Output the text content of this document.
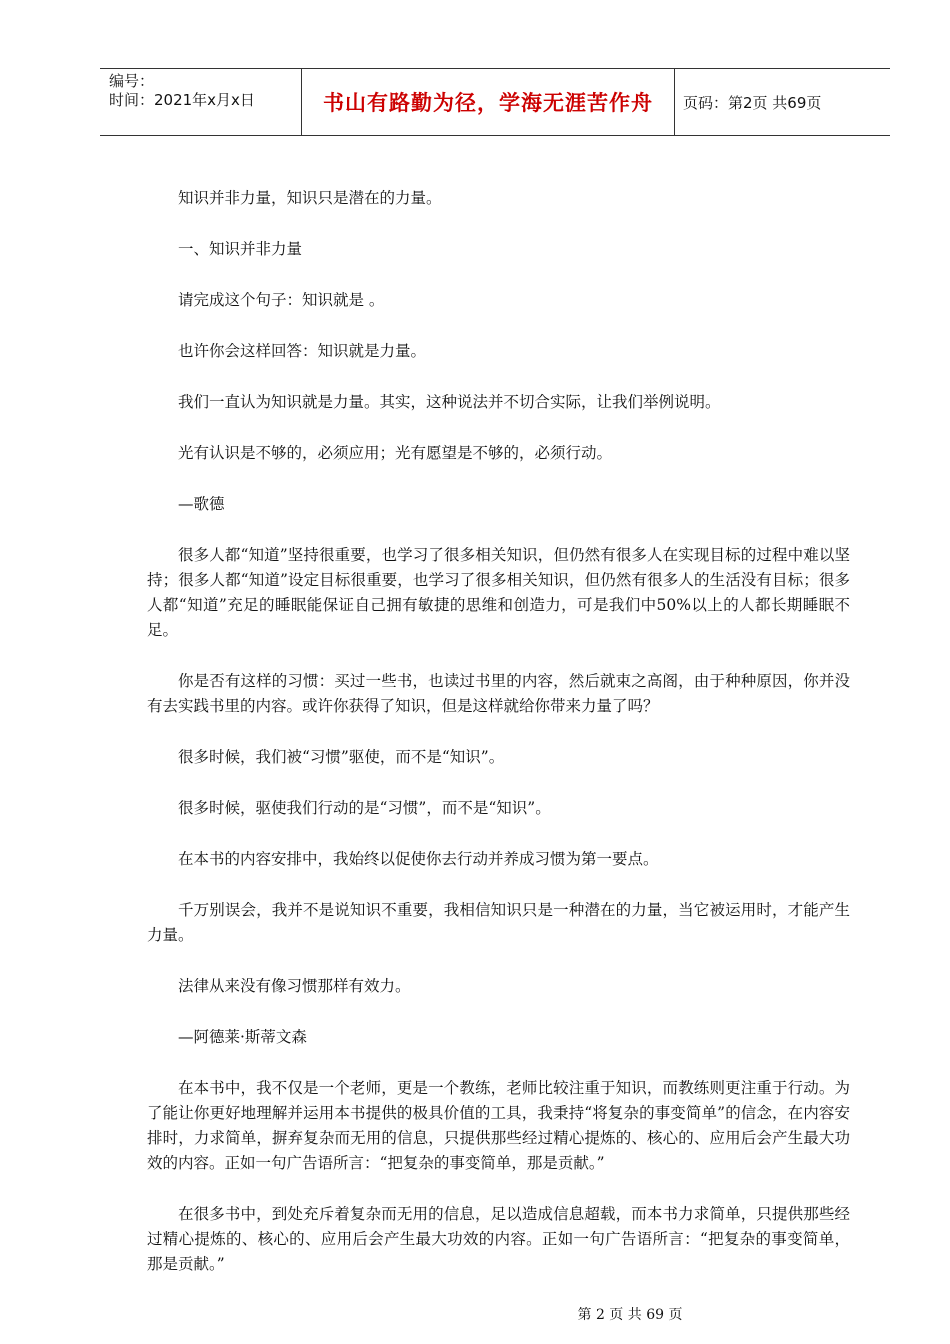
编号：
时间：2021年x月x日	书山有路勤为径，学海无涯苦作舟	页码：第2页 共69页

知识并非力量，知识只是潜在的力量。

一、知识并非力量

请完成这个句子：知识就是 。

也许你会这样回答：知识就是力量。

我们一直认为知识就是力量。其实，这种说法并不切合实际，让我们举例说明。

光有认识是不够的，必须应用；光有愿望是不够的，必须行动。

—歌德

很多人都“知道”坚持很重要，也学习了很多相关知识，但仍然有很多人在实现目标的过程中难以坚持；很多人都“知道”设定目标很重要，也学习了很多相关知识，但仍然有很多人的生活没有目标；很多人都“知道”充足的睡眠能保证自己拥有敏捷的思维和创造力，可是我们中50%以上的人都长期睡眠不足。

你是否有这样的习惯：买过一些书，也读过书里的内容，然后就束之高阁，由于种种原因，你并没有去实践书里的内容。或许你获得了知识，但是这样就给你带来力量了吗？

很多时候，我们被“习惯”驱使，而不是“知识”。

很多时候，驱使我们行动的是“习惯”，而不是“知识”。

在本书的内容安排中，我始终以促使你去行动并养成习惯为第一要点。

千万别误会，我并不是说知识不重要，我相信知识只是一种潜在的力量，当它被运用时，才能产生力量。

法律从来没有像习惯那样有效力。

—阿德莱·斯蒂文森

在本书中，我不仅是一个老师，更是一个教练，老师比较注重于知识，而教练则更注重于行动。为了能让你更好地理解并运用本书提供的极具价值的工具，我秉持“将复杂的事变简单”的信念，在内容安排时，力求简单，摒弃复杂而无用的信息，只提供那些经过精心提炼的、核心的、应用后会产生最大功效的内容。正如一句广告语所言：“把复杂的事变简单，那是贡献。”

在很多书中，到处充斥着复杂而无用的信息，足以造成信息超载，而本书力求简单，只提供那些经过精心提炼的、核心的、应用后会产生最大功效的内容。正如一句广告语所言：“把复杂的事变简单，那是贡献。”

第 2 页 共 69 页
